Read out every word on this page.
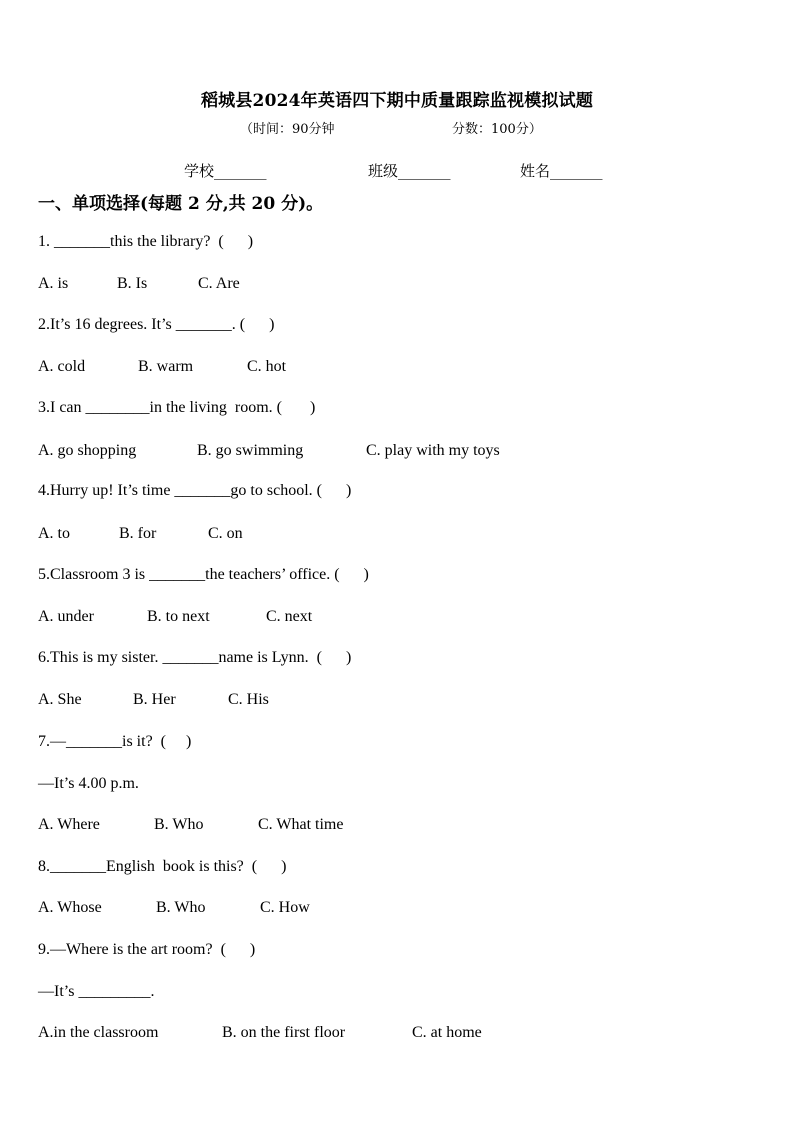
稻城县2024年英语四下期中质量跟踪监视模拟试题
（时间：90分钟	分数：100分）
学校_______	班级_______	姓名_______
一、单项选择(每题 2 分,共 20 分)。
1. _______this the library?  (      )
A. is	B. Is	C. Are
2.It’s 16 degrees. It’s _______. (      )
A. cold	B. warm	C. hot
3.I can ________in the living  room. (       )
A. go shopping	B. go swimming	C. play with my toys
4.Hurry up! It’s time _______go to school. (      )
A. to	B. for	C. on
5.Classroom 3 is _______the teachers’ office. (      )
A. under	B. to next	C. next
6.This is my sister. _______name is Lynn.  (      )
A. She	B. Her	C. His
7.—_______is it?  (     )
—It’s 4.00 p.m.
A. Where	B. Who	C. What time
8._______English  book is this?  (      )
A. Whose	B. Who	C. How
9.—Where is the art room?  (      )
—It’s _________.
A.in the classroom	B. on the first floor	C. at home
